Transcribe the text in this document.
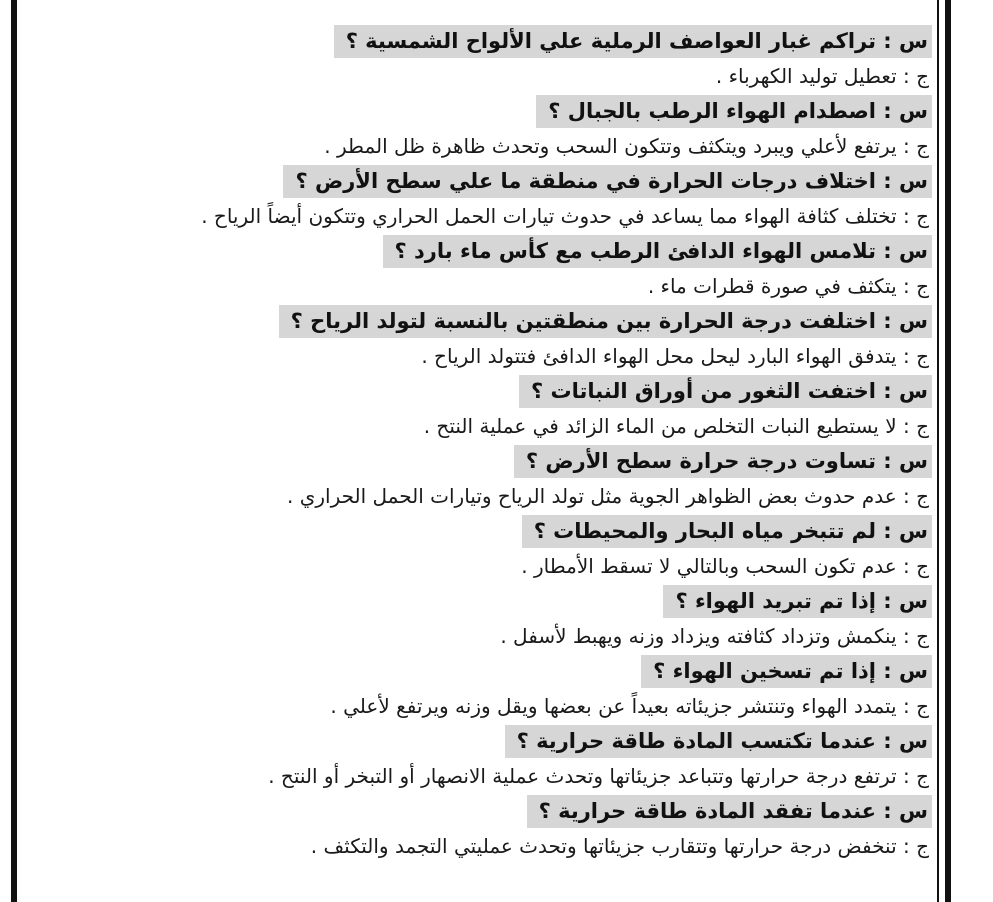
س : تراكم غبار العواصف الرملية علي الألواح الشمسية ؟
ج : تعطيل توليد الكهرباء .
س : اصطدام الهواء الرطب بالجبال ؟
ج : يرتفع لأعلي ويبرد ويتكثف وتتكون السحب وتحدث ظاهرة ظل المطر .
س : اختلاف درجات الحرارة في منطقة ما علي سطح الأرض ؟
ج : تختلف كثافة الهواء مما يساعد في حدوث تيارات الحمل الحراري وتتكون أيضاً الرياح .
س : تلامس الهواء الدافئ الرطب مع كأس ماء بارد ؟
ج : يتكثف في صورة قطرات ماء .
س : اختلفت درجة الحرارة بين منطقتين بالنسبة لتولد الرياح ؟
ج : يتدفق الهواء البارد ليحل محل الهواء الدافئ فتتولد الرياح .
س : اختفت الثغور من أوراق النباتات ؟
ج : لا يستطيع النبات التخلص من الماء الزائد في عملية النتح .
س : تساوت درجة حرارة سطح الأرض ؟
ج : عدم حدوث بعض الظواهر الجوية مثل تولد الرياح وتيارات الحمل الحراري .
س : لم تتبخر مياه البحار والمحيطات ؟
ج : عدم تكون السحب وبالتالي لا تسقط الأمطار .
س : إذا تم تبريد الهواء ؟
ج : ينكمش وتزداد كثافته ويزداد وزنه ويهبط لأسفل .
س : إذا تم تسخين الهواء ؟
ج : يتمدد الهواء وتنتشر جزيئاته بعيداً عن بعضها ويقل وزنه ويرتفع لأعلي .
س : عندما تكتسب المادة طاقة حرارية ؟
ج : ترتفع درجة حرارتها وتتباعد جزيئاتها وتحدث عملية الانصهار أو التبخر أو النتح .
س : عندما تفقد المادة طاقة حرارية ؟
ج : تنخفض درجة حرارتها وتتقارب جزيئاتها وتحدث عمليتي التجمد والتكثف .
